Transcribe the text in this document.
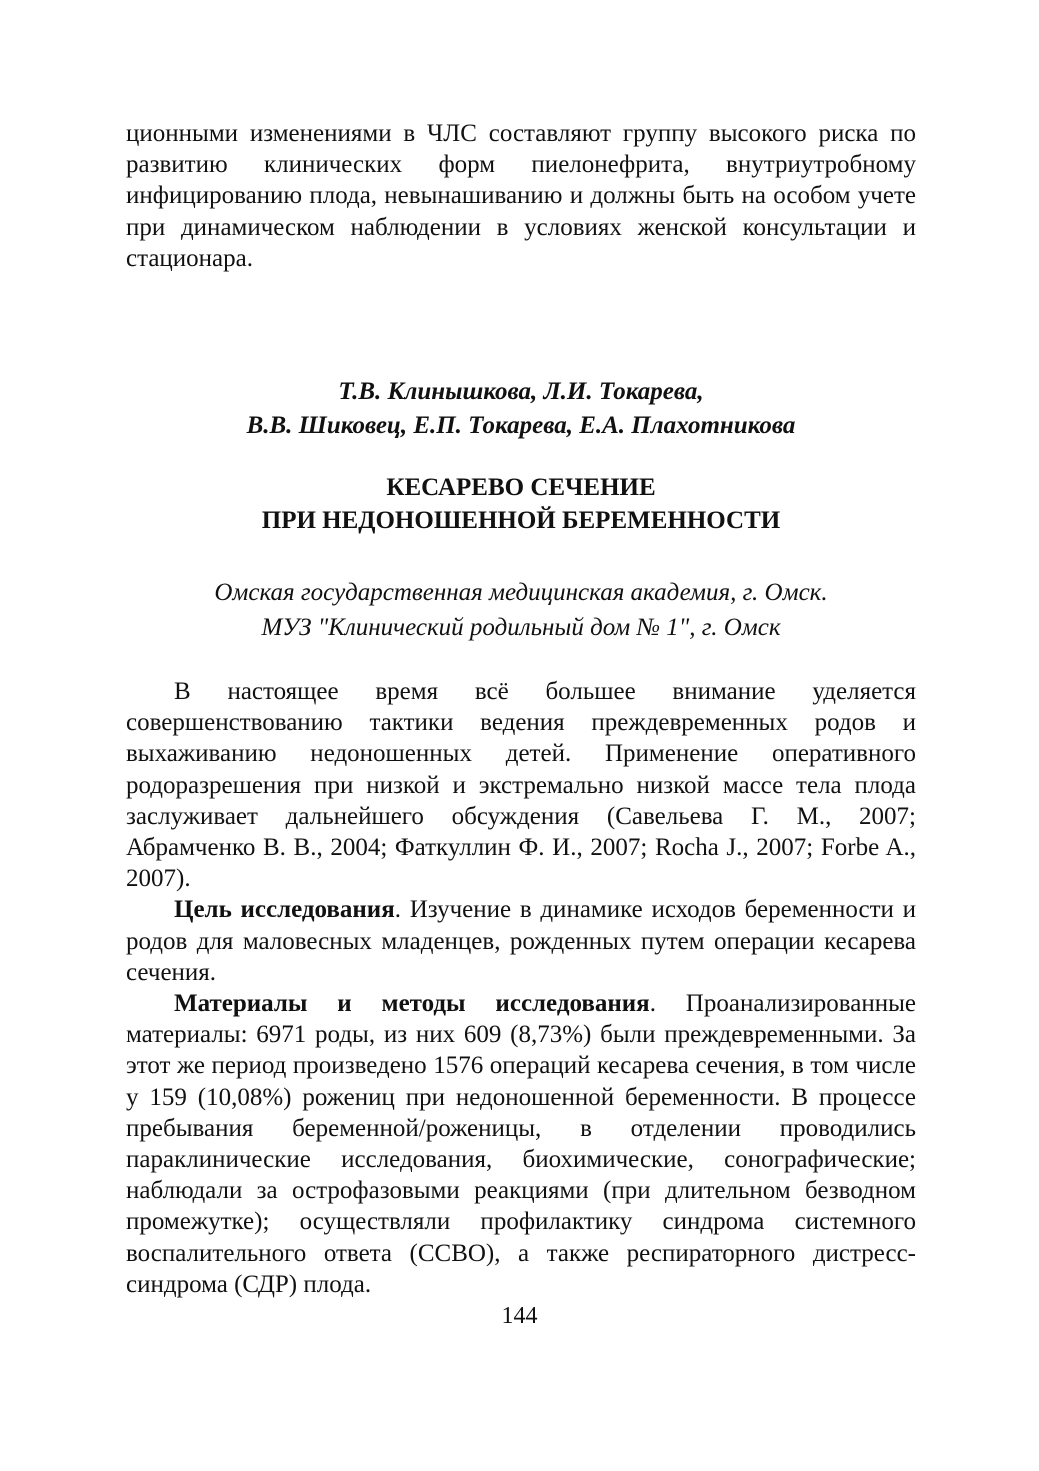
ционными изменениями в ЧЛС составляют группу высокого риска по развитию клинических форм пиелонефрита, внутриутробному инфицированию плода, невынашиванию и должны быть на особом учете при динамическом наблюдении в условиях женской консультации и стационара.

Т.В. Клинышкова, Л.И. Токарева,
В.В. Шиковец, Е.П. Токарева, Е.А. Плахотникова
КЕСАРЕВО СЕЧЕНИЕ
ПРИ НЕДОНОШЕННОЙ БЕРЕМЕННОСТИ
Омская государственная медицинская академия, г. Омск.
МУЗ "Клинический родильный дом № 1", г. Омск

В настоящее время всё большее внимание уделяется совершенствованию тактики ведения преждевременных родов и выхаживанию недоношенных детей. Применение оперативного родоразрешения при низкой и экстремально низкой массе тела плода заслуживает дальнейшего обсуждения (Савельева Г. М., 2007; Абрамченко В. В., 2004; Фаткуллин Ф. И., 2007; Rocha J., 2007; Forbe A., 2007).

Цель исследования. Изучение в динамике исходов беременности и родов для маловесных младенцев, рожденных путем операции кесарева сечения.

Материалы и методы исследования. Проанализированные материалы: 6971 роды, из них 609 (8,73%) были преждевременными. За этот же период произведено 1576 операций кесарева сечения, в том числе у 159 (10,08%) рожениц при недоношенной беременности. В процессе пребывания беременной/роженицы, в отделении проводились параклинические исследования, биохимические, сонографические; наблюдали за острофазовыми реакциями (при длительном безводном промежутке); осуществляли профилактику синдрома системного воспалительного ответа (ССВО), а также респираторного дистресс-синдрома (СДР) плода.

144
